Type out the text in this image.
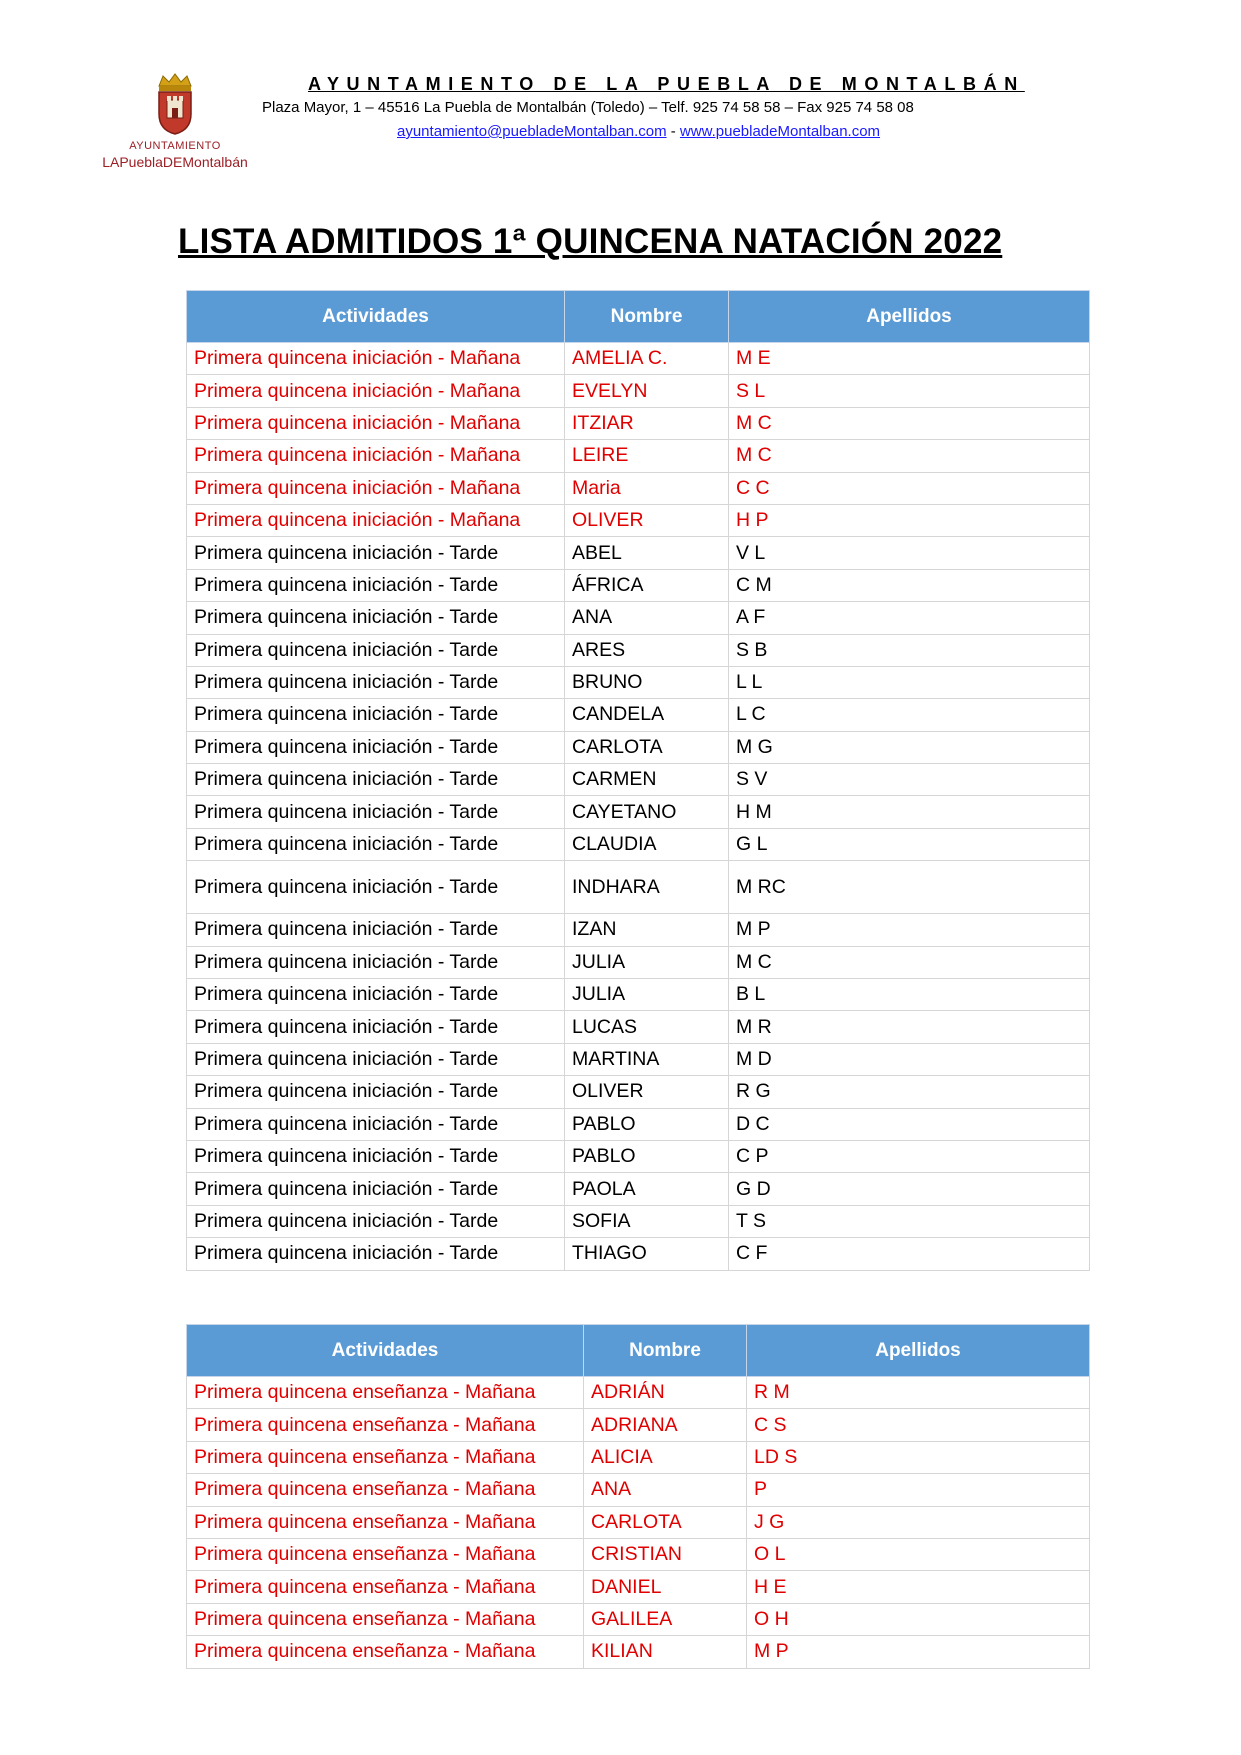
AYUNTAMIENTO
LAPueblaDEMontalbán
AYUNTAMIENTO DE LA PUEBLA DE MONTALBÁN
Plaza Mayor, 1 – 45516 La Puebla de Montalbán (Toledo) – Telf. 925 74 58 58 – Fax 925 74 58 08
ayuntamiento@puebladeMontalban.com - www.puebladeMontalban.com
LISTA ADMITIDOS 1ª QUINCENA NATACIÓN 2022
Actividades	Nombre	Apellidos
Primera quincena iniciación - Mañana	AMELIA C.	M E
Primera quincena iniciación - Mañana	EVELYN	S L
Primera quincena iniciación - Mañana	ITZIAR	M C
Primera quincena iniciación - Mañana	LEIRE	M C
Primera quincena iniciación - Mañana	Maria	C C
Primera quincena iniciación - Mañana	OLIVER	H P
Primera quincena iniciación - Tarde	ABEL	V L
Primera quincena iniciación - Tarde	ÁFRICA	C M
Primera quincena iniciación - Tarde	ANA	A F
Primera quincena iniciación - Tarde	ARES	S B
Primera quincena iniciación - Tarde	BRUNO	L L
Primera quincena iniciación - Tarde	CANDELA	L C
Primera quincena iniciación - Tarde	CARLOTA	M G
Primera quincena iniciación - Tarde	CARMEN	S V
Primera quincena iniciación - Tarde	CAYETANO	H M
Primera quincena iniciación - Tarde	CLAUDIA	G L
Primera quincena iniciación - Tarde	INDHARA	M RC
Primera quincena iniciación - Tarde	IZAN	M P
Primera quincena iniciación - Tarde	JULIA	M C
Primera quincena iniciación - Tarde	JULIA	B L
Primera quincena iniciación - Tarde	LUCAS	M R
Primera quincena iniciación - Tarde	MARTINA	M D
Primera quincena iniciación - Tarde	OLIVER	R G
Primera quincena iniciación - Tarde	PABLO	D C
Primera quincena iniciación - Tarde	PABLO	C P
Primera quincena iniciación - Tarde	PAOLA	G D
Primera quincena iniciación - Tarde	SOFIA	T S
Primera quincena iniciación - Tarde	THIAGO	C F
Actividades	Nombre	Apellidos
Primera quincena enseñanza - Mañana	ADRIÁN	R M
Primera quincena enseñanza - Mañana	ADRIANA	C S
Primera quincena enseñanza - Mañana	ALICIA	LD S
Primera quincena enseñanza - Mañana	ANA	P
Primera quincena enseñanza - Mañana	CARLOTA	J G
Primera quincena enseñanza - Mañana	CRISTIAN	O L
Primera quincena enseñanza - Mañana	DANIEL	H E
Primera quincena enseñanza - Mañana	GALILEA	O H
Primera quincena enseñanza - Mañana	KILIAN	M P
